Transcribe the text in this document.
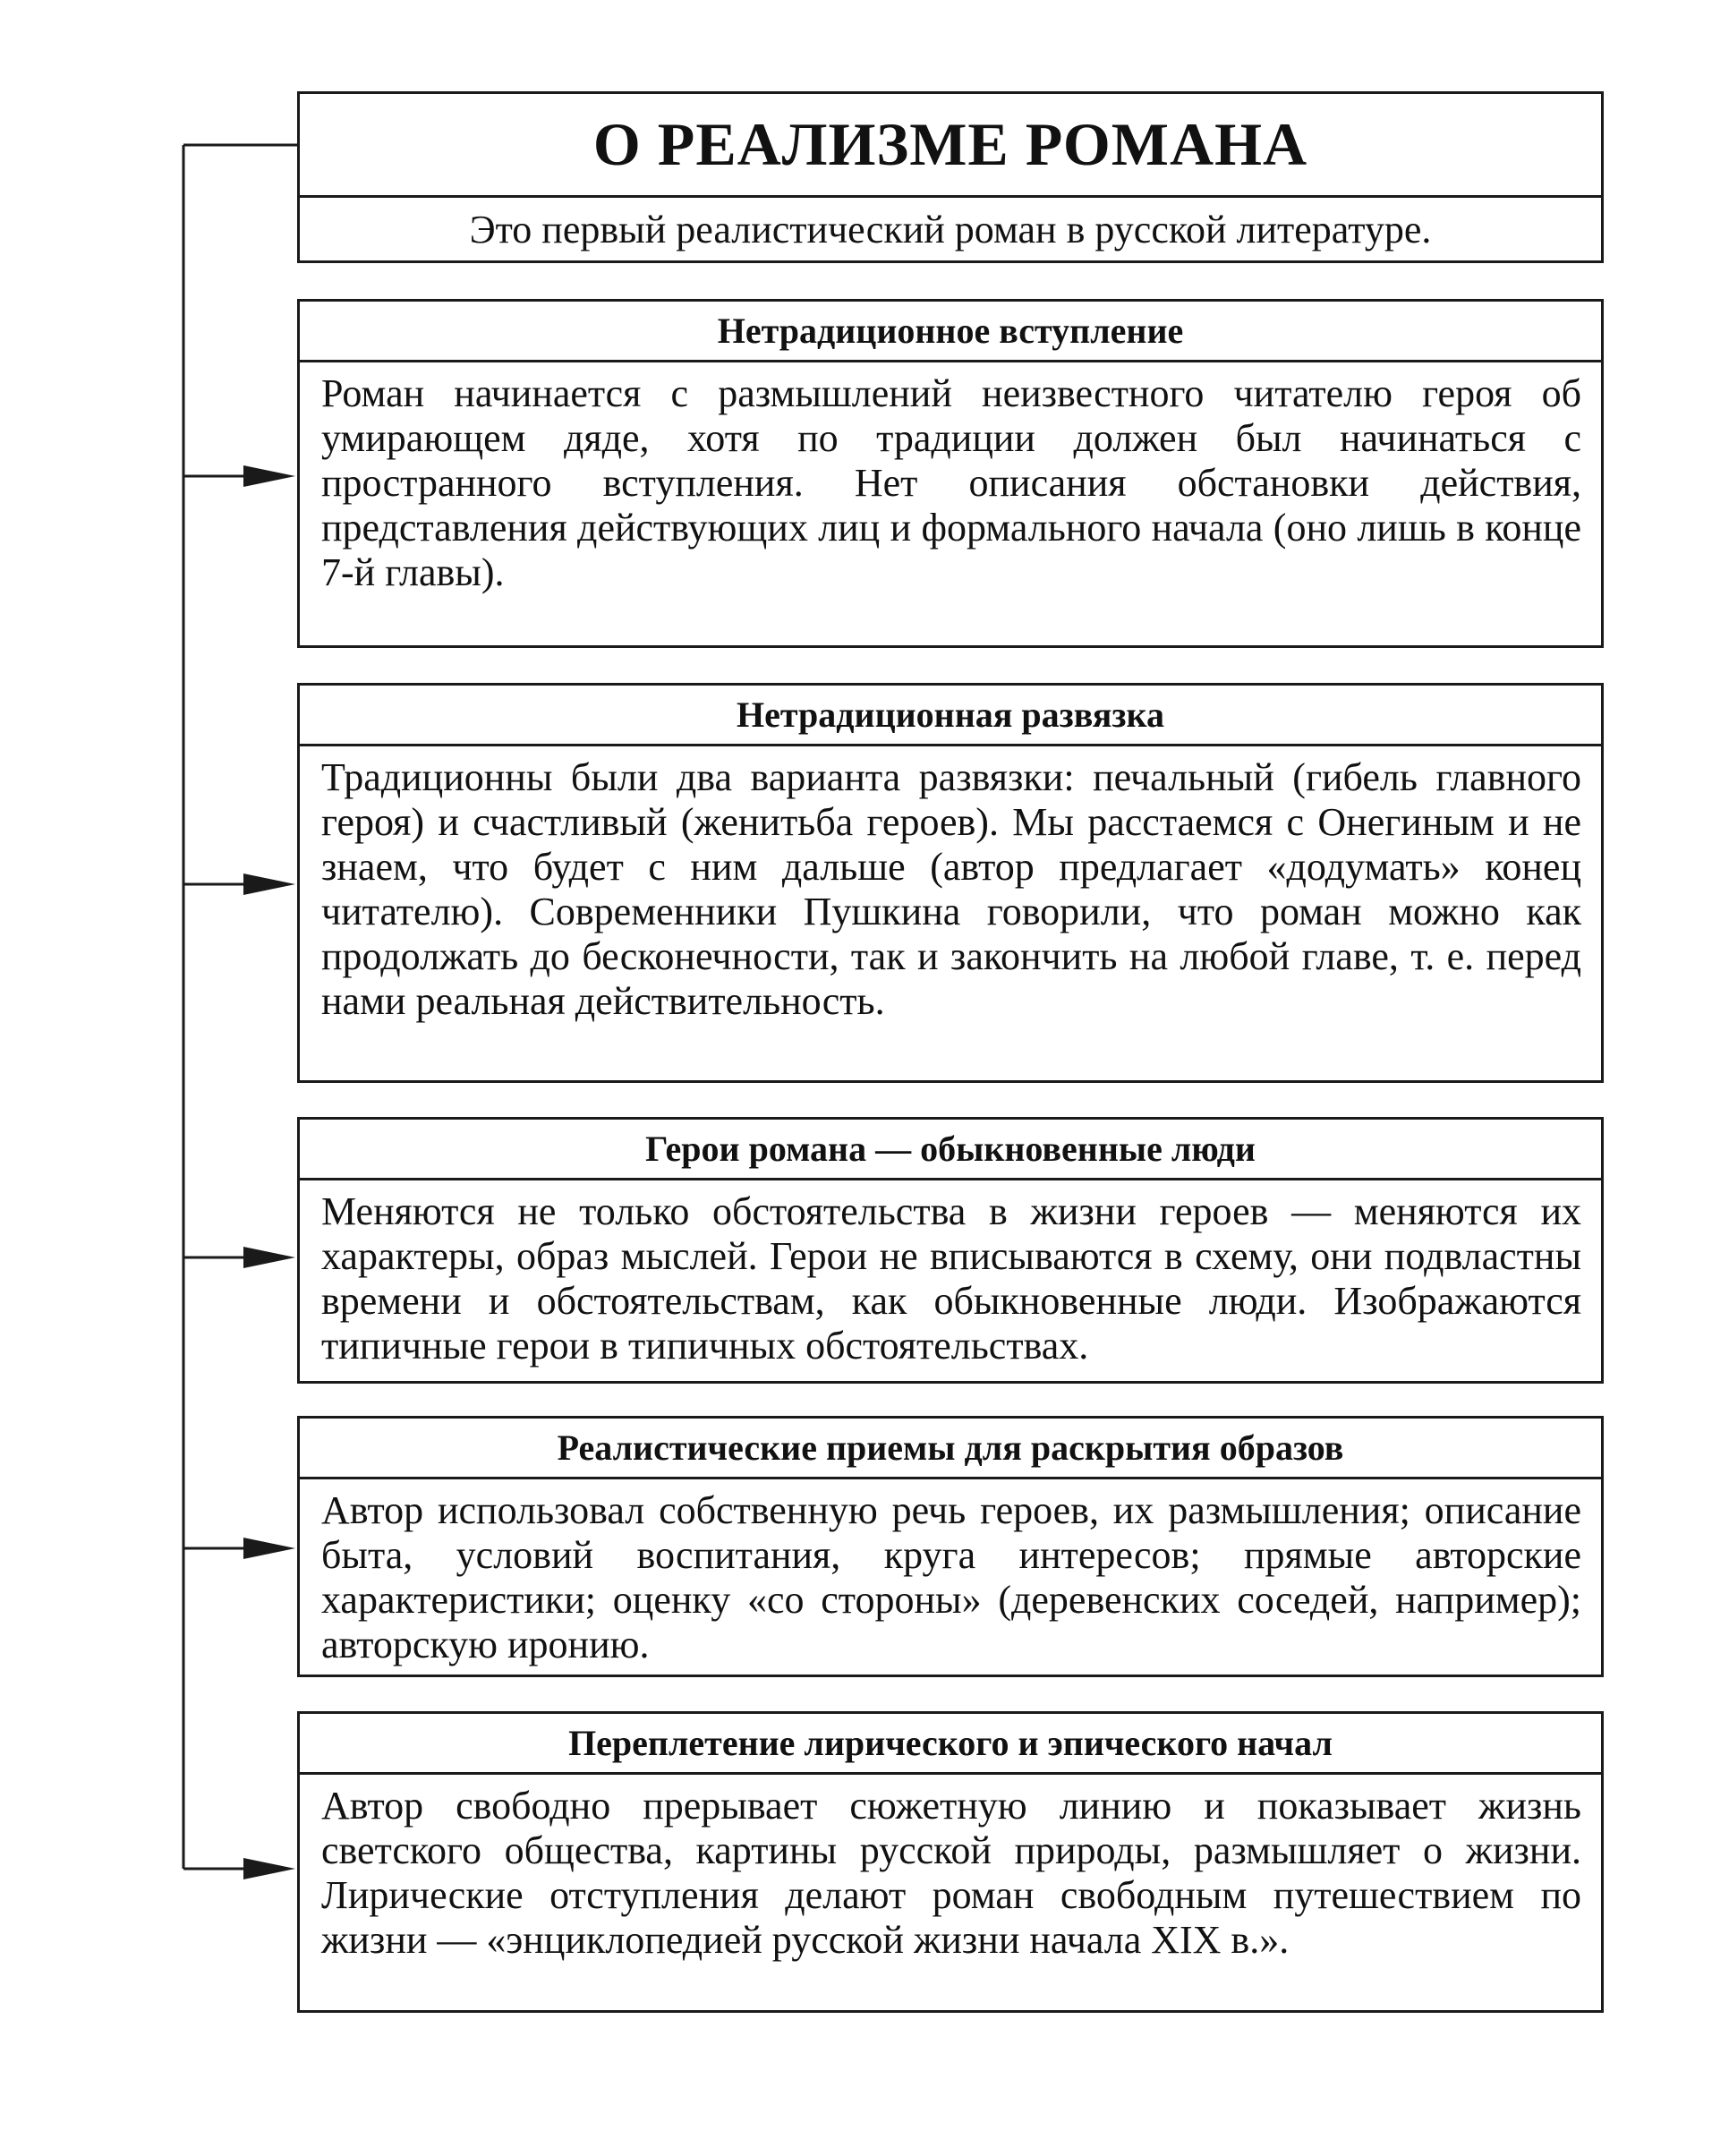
О РЕАЛИЗМЕ РОМАНА
Это первый реалистический роман в русской литературе.
Нетрадиционное вступление
Роман начинается с размышлений неизвестного читателю героя об умирающем дяде, хотя по традиции должен был начинаться с пространного вступления. Нет описания обстановки действия, представления действующих лиц и формального начала (оно лишь в конце 7-й главы).
Нетрадиционная развязка
Традиционны были два варианта развязки: печальный (гибель главного героя) и счастливый (женитьба героев). Мы расстаемся с Онегиным и не знаем, что будет с ним дальше (автор предлагает «додумать» конец читателю). Современники Пушкина говорили, что роман можно как продолжать до бесконечности, так и закончить на любой главе, т. е. перед нами реальная действительность.
Герои романа — обыкновенные люди
Меняются не только обстоятельства в жизни героев — меняются их характеры, образ мыслей. Герои не вписываются в схему, они подвластны времени и обстоятельствам, как обыкновенные люди. Изображаются типичные герои в типичных обстоятельствах.
Реалистические приемы для раскрытия образов
Автор использовал собственную речь героев, их размышления; описание быта, условий воспитания, круга интересов; прямые авторские характеристики; оценку «со стороны» (деревенских соседей, например); авторскую иронию.
Переплетение лирического и эпического начал
Автор свободно прерывает сюжетную линию и показывает жизнь светского общества, картины русской природы, размышляет о жизни. Лирические отступления делают роман свободным путешествием по жизни — «энциклопедией русской жизни начала XIX в.».
